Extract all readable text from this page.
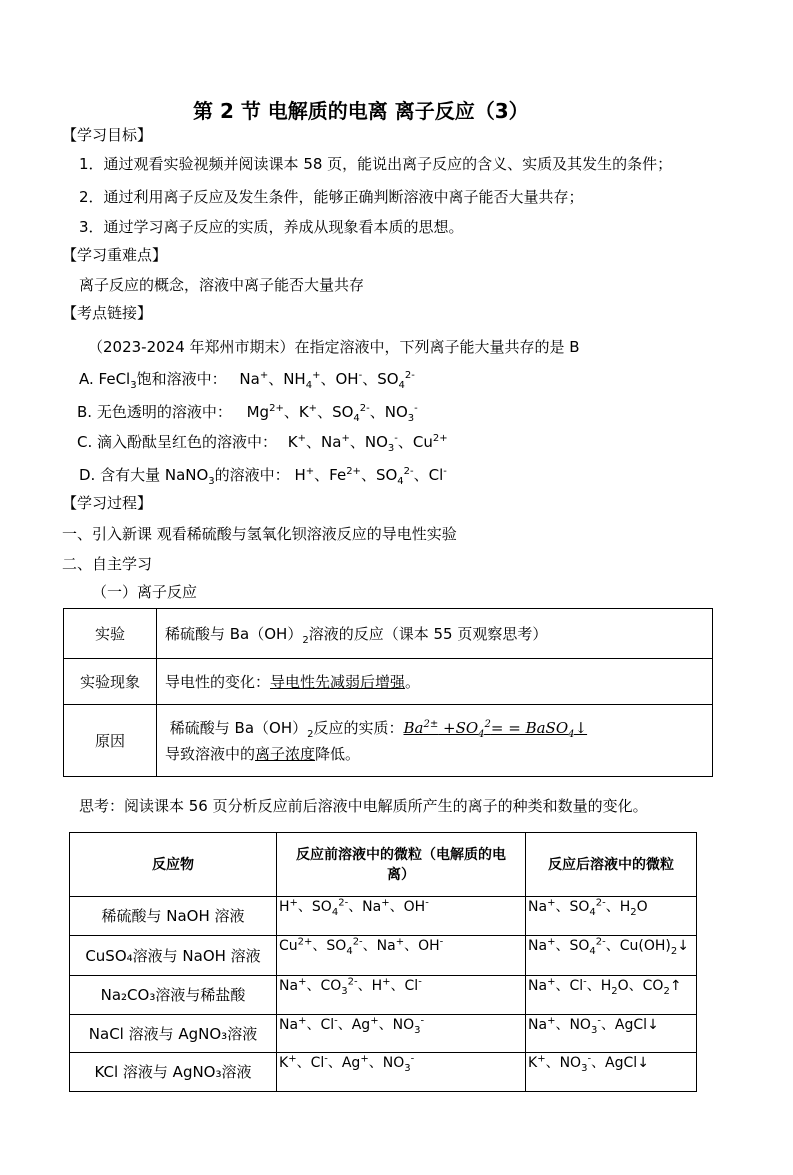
第 2 节 电解质的电离 离子反应（3）
【学习目标】
1．通过观看实验视频并阅读课本 58 页，能说出离子反应的含义、实质及其发生的条件；
2．通过利用离子反应及发生条件，能够正确判断溶液中离子能否大量共存；
3．通过学习离子反应的实质，养成从现象看本质的思想。
【学习重难点】
离子反应的概念，溶液中离子能否大量共存
【考点链接】
（2023-2024 年郑州市期末）在指定溶液中，下列离子能大量共存的是 B
A. FeCl$_3$饱和溶液中： Na+、$NH_4^+$、OH-、$SO_4^{2-}$
B. 无色透明的溶液中： $Mg^{2+}$、K+、$SO_4^{2-}$、$NO_3^-$
C. 滴入酚酞呈红色的溶液中： K+、Na+、$NO_3^-$、$Cu^{2+}$
D. 含有大量 NaNO$_3$的溶液中： H+、$Fe^{2+}$、$SO_4^{2-}$、Cl-
【学习过程】
一、引入新课 观看稀硫酸与氢氧化钡溶液反应的导电性实验
二、自主学习
（一）离子反应
实验	稀硫酸与 $Ba(OH)_2$溶液的反应（课本 55 页观察思考）
实验现象	导电性的变化：导电性先减弱后增强。
原因	稀硫酸与 $Ba(OH)_2$反应的实质：$Ba^{2\pm} +SO_4^2=$ = BaSO$_4$↓
导致溶液中的离子浓度降低。
思考：阅读课本 56 页分析反应前后溶液中电解质所产生的离子的种类和数量的变化。
反应物	反应前溶液中的微粒（电解质的电
离）	反应后溶液中的微粒
稀硫酸与 NaOH 溶液	H+、$SO_4^{2-}$、Na+、OH-	Na+、$SO_4^{2-}$、$H_2O$
CuSO₄溶液与 NaOH 溶液	$Cu^{2+}$、$SO_4^{2-}$、Na+、OH-	Na+、$SO_4^{2-}$、$Cu(OH)_2↓$
Na₂CO₃溶液与稀盐酸	Na+、$CO_3^{2-}$、H+、Cl-	Na+、Cl-、$H_2O$、$CO_2↑$
NaCl 溶液与 AgNO₃溶液	Na+、Cl-、Ag+、$NO_3^-$	Na+、$NO_3^-$、AgCl↓
KCl 溶液与 AgNO₃溶液	K+、Cl-、Ag+、$NO_3^-$	K+、$NO_3^-$、AgCl↓
